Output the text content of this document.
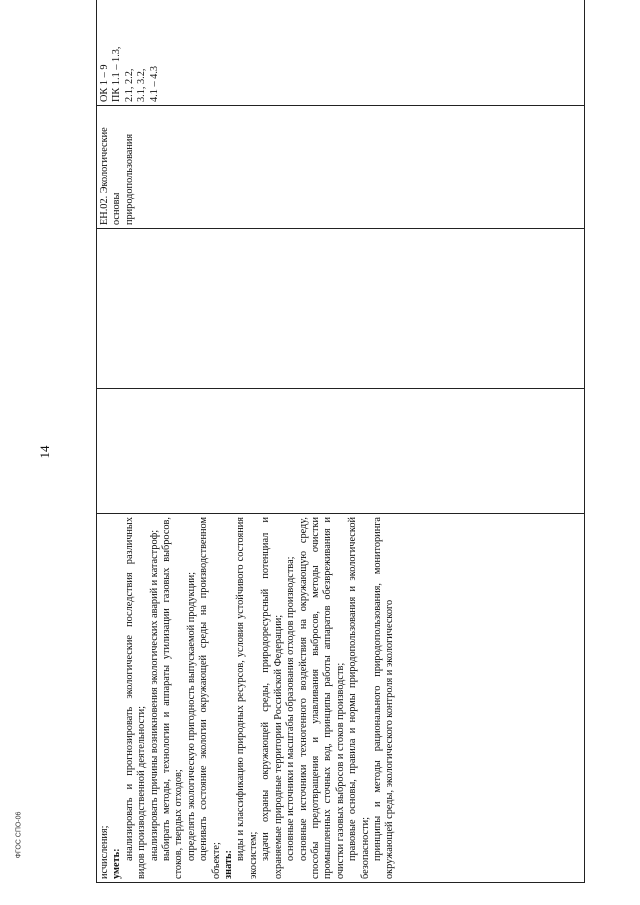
14
исчисления; уметь:
анализировать и прогнозировать экологические последствия различных видов производственной деятельности; анализировать причины возникновения экологических аварий и катастроф; выбирать методы, технологии и аппараты утилизации газовых выбросов, стоков, твердых отходов; определять экологическую пригодность выпускаемой продукции; оценивать состояние экологии окружающей среды на производственном объекте; знать:
виды и классификацию природных ресурсов, условия устойчивого состояния экосистем; задачи охраны окружающей среды, природоресурсный потенциал и охраняемые природные территории Российской Федерации; основные источники и масштабы образования отходов производства; основные источники техногенного воздействия на окружающую среду, способы предотвращения и улавливания выбросов, методы очистки промышленных сточных вод, принципы работы аппаратов обезвреживания и очистки газовых выбросов и стоков производств; правовые основы, правила и нормы природопользования и экологической безопасности; принципы и методы рационального природопользования, мониторинга окружающей среды, экологического контроля и экологического
			ЕН.02. Экологические основы природопользования	ОК 1 – 9
ПК 1.1 – 1.3,
2.1, 2.2,
3.1, 3.2,
4.1 – 4.3
ФГОС СПО-06
